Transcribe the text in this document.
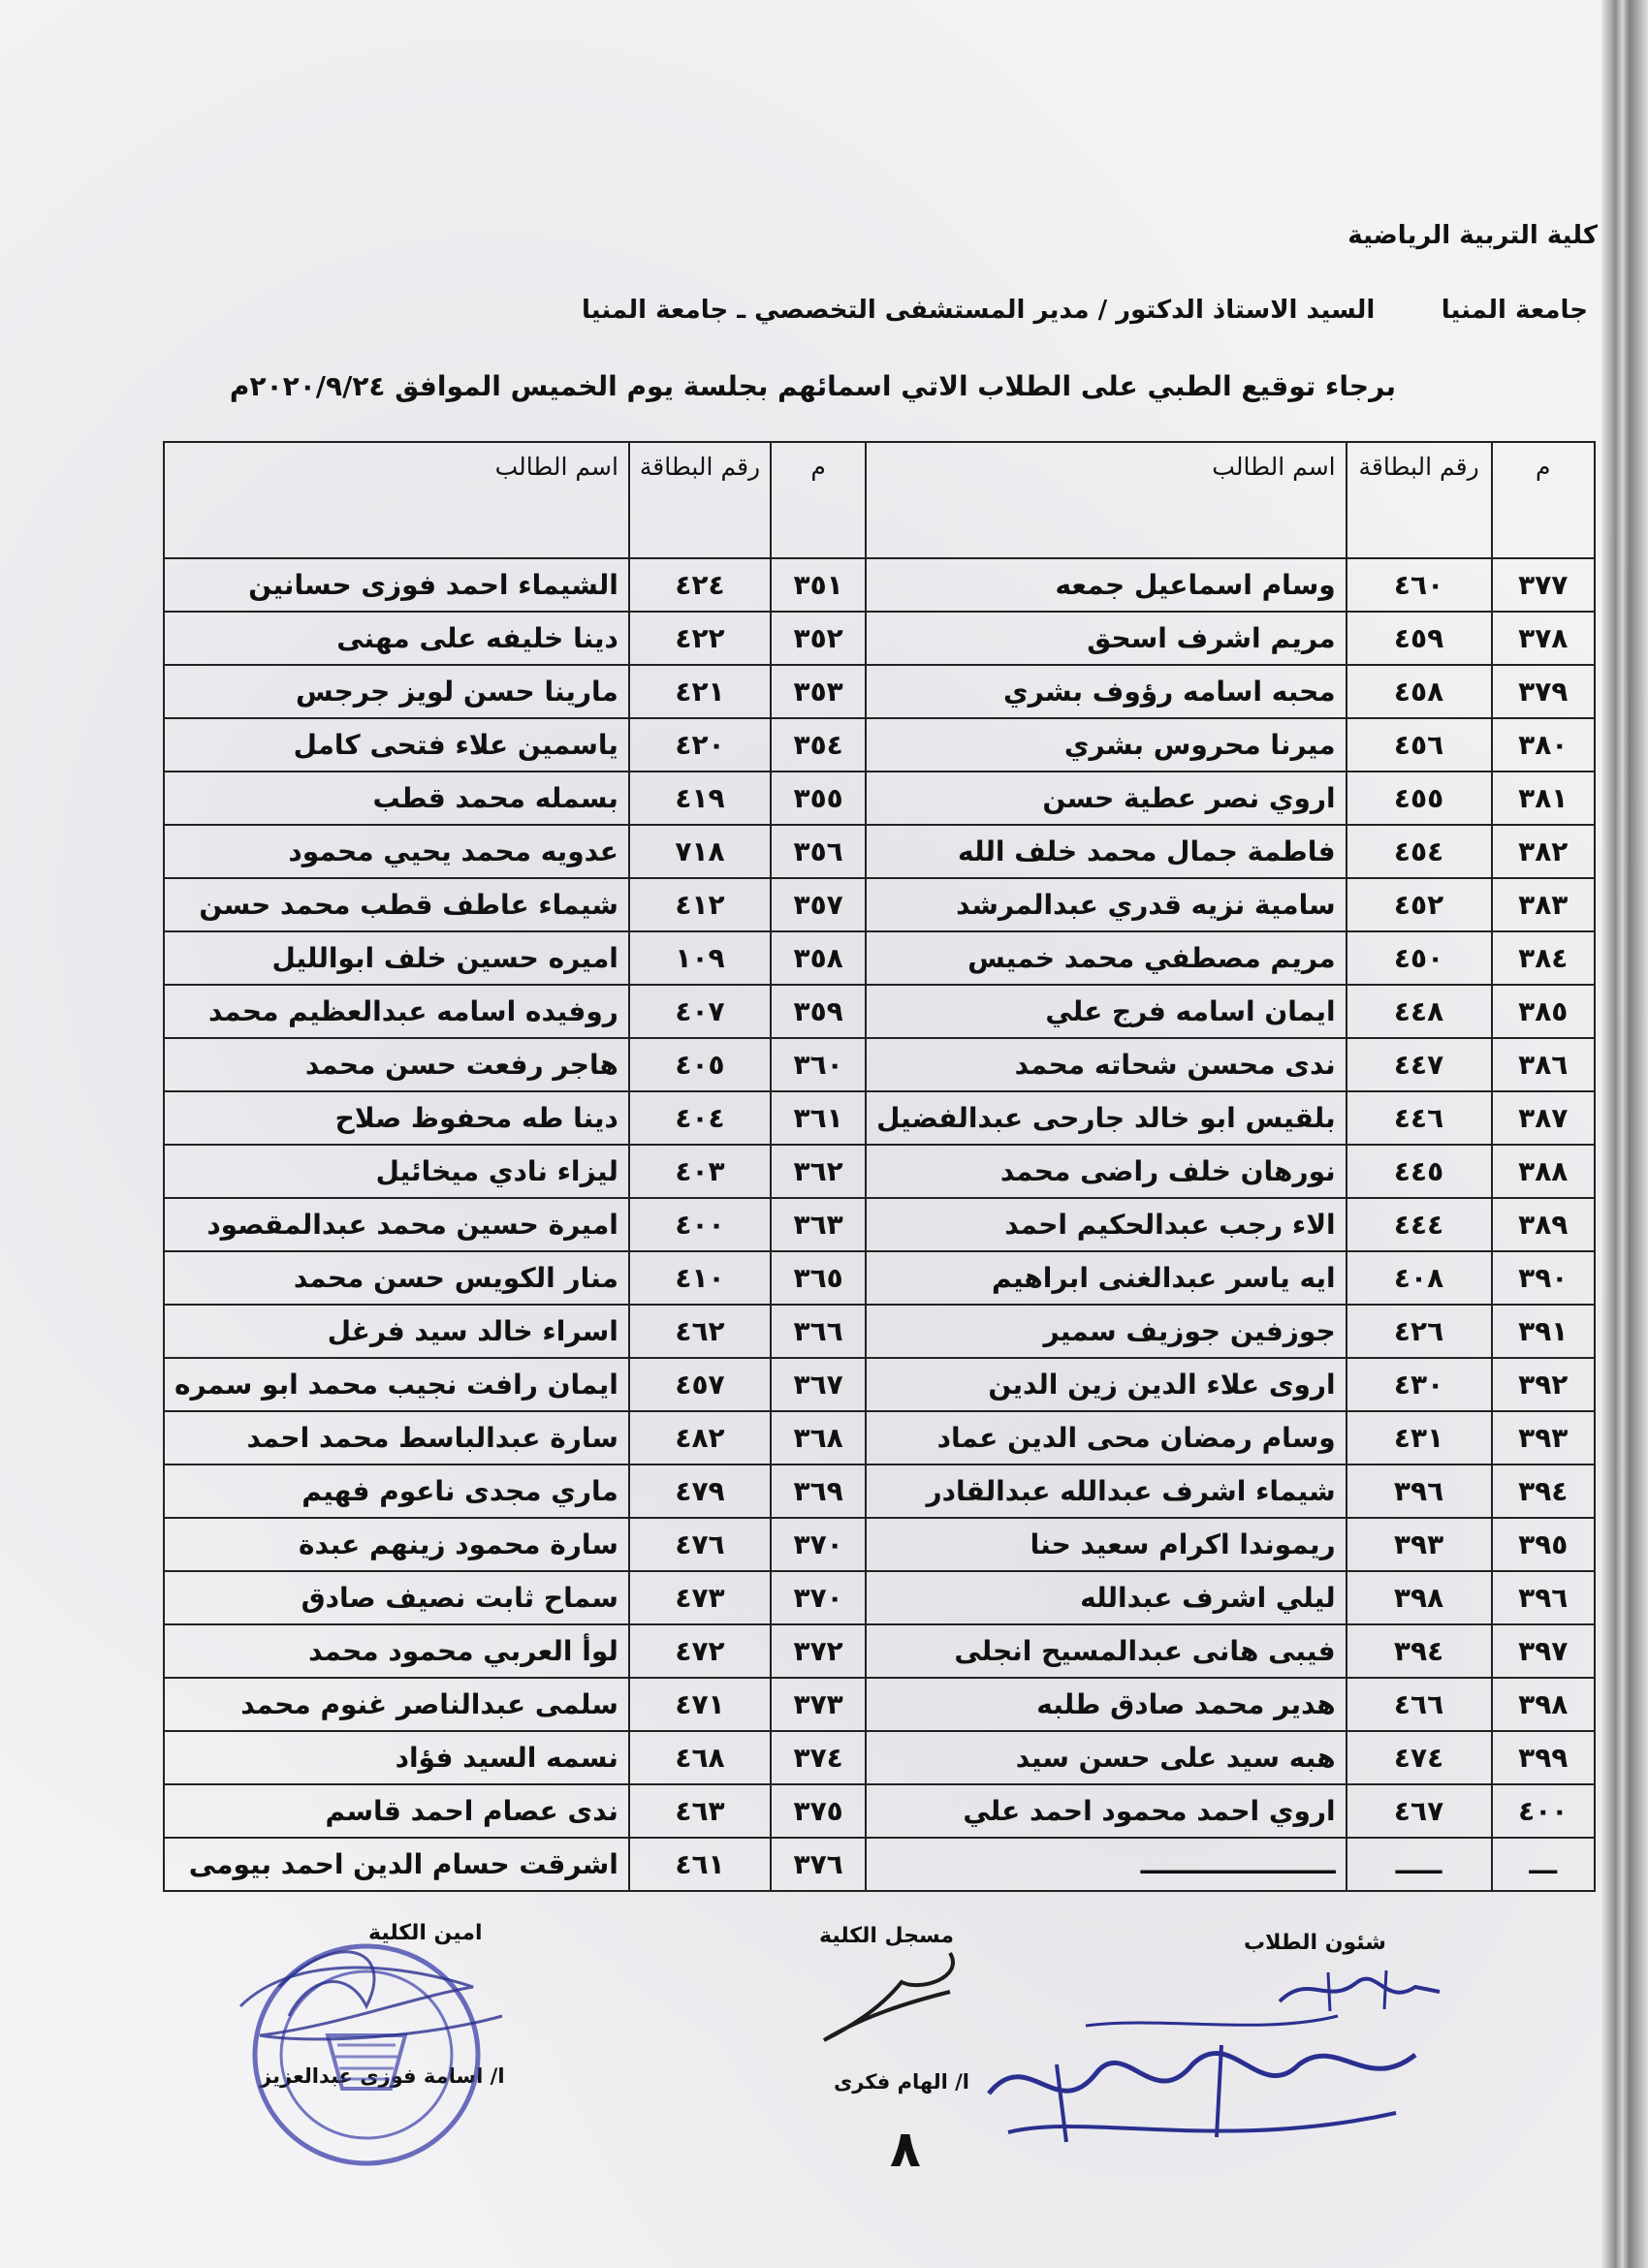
كلية التربية الرياضية
جامعة المنيا
السيد الاستاذ الدكتور / مدير المستشفى التخصصي ـ جامعة المنيا
برجاء توقيع الطبي على الطلاب الاتي اسمائهم بجلسة يوم الخميس الموافق ٢٠٢٠/٩/٢٤م
م	رقم البطاقة	اسم الطالب	م	رقم البطاقة	اسم الطالب
٣٧٧	٤٦٠	وسام اسماعيل جمعه	٣٥١	٤٢٤	الشيماء احمد فوزى حسانين
٣٧٨	٤٥٩	مريم اشرف اسحق	٣٥٢	٤٢٢	دينا خليفه على مهنى
٣٧٩	٤٥٨	محبه اسامه رؤوف بشري	٣٥٣	٤٢١	مارينا حسن لويز جرجس
٣٨٠	٤٥٦	ميرنا محروس بشري	٣٥٤	٤٢٠	ياسمين علاء فتحى كامل
٣٨١	٤٥٥	اروي نصر عطية حسن	٣٥٥	٤١٩	بسمله محمد قطب
٣٨٢	٤٥٤	فاطمة جمال محمد خلف الله	٣٥٦	٧١٨	عدويه محمد يحيي محمود
٣٨٣	٤٥٢	سامية نزيه قدري عبدالمرشد	٣٥٧	٤١٢	شيماء عاطف قطب محمد حسن
٣٨٤	٤٥٠	مريم مصطفي محمد خميس	٣٥٨	١٠٩	اميره حسين خلف ابوالليل
٣٨٥	٤٤٨	ايمان اسامه فرج علي	٣٥٩	٤٠٧	روفيده اسامه عبدالعظيم محمد
٣٨٦	٤٤٧	ندى محسن شحاته محمد	٣٦٠	٤٠٥	هاجر رفعت حسن محمد
٣٨٧	٤٤٦	بلقيس ابو خالد جارحى عبدالفضيل	٣٦١	٤٠٤	دينا طه محفوظ صلاح
٣٨٨	٤٤٥	نورهان خلف راضى محمد	٣٦٢	٤٠٣	ليزاء نادي ميخائيل
٣٨٩	٤٤٤	الاء رجب عبدالحكيم احمد	٣٦٣	٤٠٠	اميرة حسين محمد عبدالمقصود
٣٩٠	٤٠٨	ايه ياسر عبدالغنى ابراهيم	٣٦٥	٤١٠	منار الكويس حسن محمد
٣٩١	٤٢٦	جوزفين جوزيف سمير	٣٦٦	٤٦٢	اسراء خالد سيد فرغل
٣٩٢	٤٣٠	اروى علاء الدين زين الدين	٣٦٧	٤٥٧	ايمان رافت نجيب محمد ابو سمره
٣٩٣	٤٣١	وسام رمضان محى الدين عماد	٣٦٨	٤٨٢	سارة عبدالباسط محمد احمد
٣٩٤	٣٩٦	شيماء اشرف عبدالله عبدالقادر	٣٦٩	٤٧٩	ماري مجدى ناعوم فهيم
٣٩٥	٣٩٣	ريموندا اكرام سعيد حنا	٣٧٠	٤٧٦	سارة محمود زينهم عبدة
٣٩٦	٣٩٨	ليلي اشرف عبدالله	٣٧٠	٤٧٣	سماح ثابت نصيف صادق
٣٩٧	٣٩٤	فيبى هانى عبدالمسيح انجلى	٣٧٢	٤٧٢	لوأ العربي محمود محمد
٣٩٨	٤٦٦	هدير محمد صادق طلبه	٣٧٣	٤٧١	سلمى عبدالناصر غنوم محمد
٣٩٩	٤٧٤	هبه سيد على حسن سيد	٣٧٤	٤٦٨	نسمه السيد فؤاد
٤٠٠	٤٦٧	اروي احمد محمود احمد علي	٣٧٥	٤٦٣	ندى عصام احمد قاسم
ـــ	ـــــ	ـــــــــــــــــــــ	٣٧٦	٤٦١	اشرقت حسام الدين احمد بيومى
شئون الطلاب
مسجل الكلية
امين الكلية
ا/ الهام فكرى
ا/ اسامة فوزى عبدالعزيز
٨
